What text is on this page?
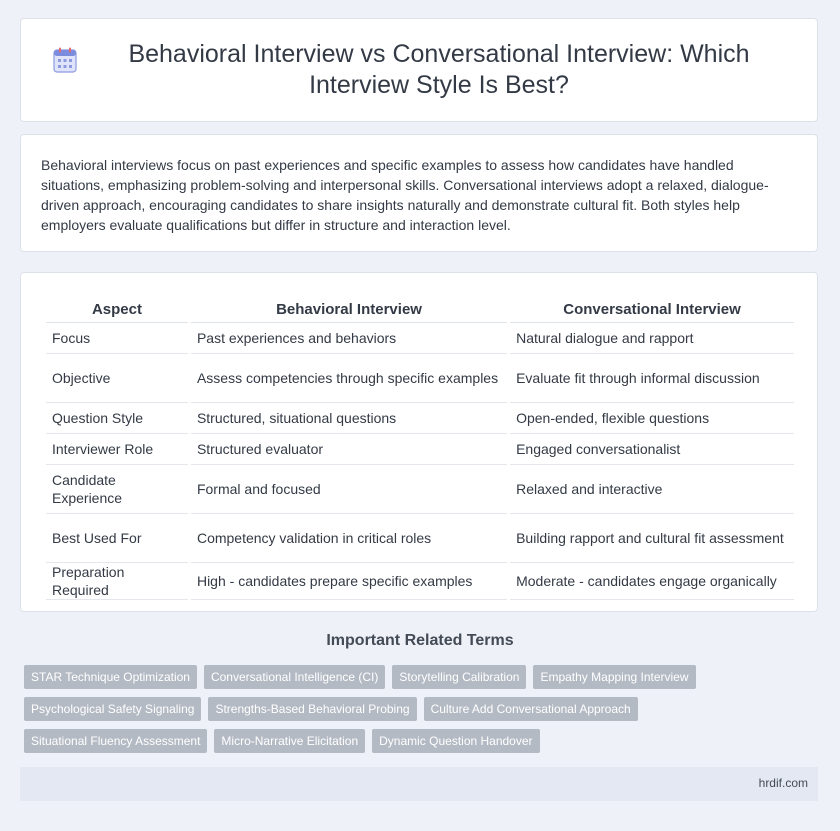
Behavioral Interview vs Conversational Interview: Which Interview Style Is Best?

Behavioral interviews focus on past experiences and specific examples to assess how candidates have handled situations, emphasizing problem-solving and interpersonal skills. Conversational interviews adopt a relaxed, dialogue-driven approach, encouraging candidates to share insights naturally and demonstrate cultural fit. Both styles help employers evaluate qualifications but differ in structure and interaction level.

Aspect	Behavioral Interview	Conversational Interview
Focus	Past experiences and behaviors	Natural dialogue and rapport
Objective	Assess competencies through specific examples	Evaluate fit through informal discussion
Question Style	Structured, situational questions	Open-ended, flexible questions
Interviewer Role	Structured evaluator	Engaged conversationalist
Candidate Experience	Formal and focused	Relaxed and interactive
Best Used For	Competency validation in critical roles	Building rapport and cultural fit assessment
Preparation Required	High - candidates prepare specific examples	Moderate - candidates engage organically
Important Related Terms
STAR Technique Optimization	Conversational Intelligence (CI)	Storytelling Calibration	Empathy Mapping Interview
Psychological Safety Signaling	Strengths-Based Behavioral Probing	Culture Add Conversational Approach
Situational Fluency Assessment	Micro-Narrative Elicitation	Dynamic Question Handover
hrdif.com
